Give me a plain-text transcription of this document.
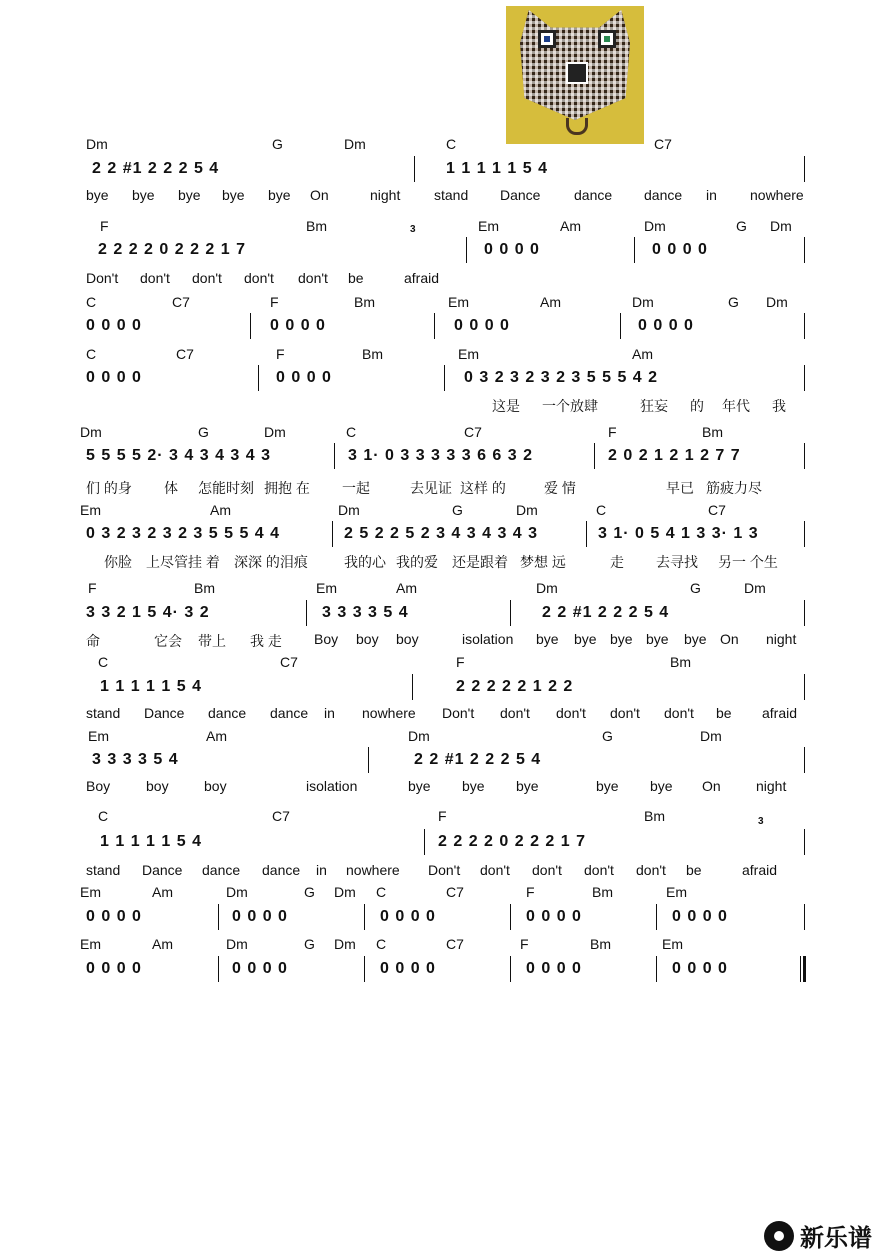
Dm	G	Dm	C	C7
2 2 #1 2 2 2 5 4	1 1 1 1 1 5 4
bye bye bye bye bye On	night stand Dance dance dance in nowhere
F	Bm	Em	Am	Dm	G Dm
2 2 2 2 0 2 2 2 1 7	0 0 0 0	0 0 0 0
3
Don't don't don't don't don't be	afraid
C	C7	F	Bm	Em	Am	Dm	G Dm
0 0 0 0	0 0 0 0	0 0 0 0	0 0 0 0
C	C7	F	Bm	Em	Am
0 0 0 0	0 0 0 0	0 3 2 3 2 3 2 3 5 5 5 4 2
这是 一个放肆	狂妄 的 年代 我
Dm	G	Dm	C	C7	F	Bm
5 5 5 5 2· 3 4 3 4 3 4 3	3 1· 0 3 3 3 3 3 6 6 3 2	2 0 2 1 2 1 2 7 7
们 的身 体 怎能时刻 拥抱 在 一起	去见证 这样 的	爱 情	早已 筋疲力尽
Em	Am	Dm	G	Dm	C	C7
0 3 2 3 2 3 2 3 5 5 5 4 4	2 5 2 2 5 2 3 4 3 4 3 4 3	3 1· 0 5 4 1 3 3· 1 3
你脸 上尽管挂 着 深深 的泪痕	我的心 我的爱 还是跟着 梦想 远	走 去寻找 另一 个生
F	Bm	Em	Am	Dm	G	Dm
3 3 2 1 5 4· 3 2	3 3 3 3 5 4	2 2 #1 2 2 2 5 4
命	它会 带上 我 走 Boy boy boy	isolation bye bye bye bye bye On night
C	C7	F	Bm
1 1 1 1 1 5 4	2 2 2 2 2 1 2 2
stand Dance dance dance in nowhere Don't don't don't don't don't be afraid
Em	Am	Dm	G	Dm
3 3 3 3 5 4	2 2 #1 2 2 2 5 4
Boy	boy	boy	isolation	bye bye bye	bye bye On	night
C	C7	F	Bm
1 1 1 1 1 5 4	2 2 2 2 0 2 2 2 1 7
3
stand Dance dance dance in nowhere Don't don't don't don't don't be	afraid
Em	Am	Dm	G Dm C	C7	F	Bm	Em
0 0 0 0	0 0 0 0	0 0 0 0	0 0 0 0	0 0 0 0
Em	Am	Dm	G Dm C	C7	F	Bm	Em
0 0 0 0	0 0 0 0	0 0 0 0	0 0 0 0	0 0 0 0
新乐谱
